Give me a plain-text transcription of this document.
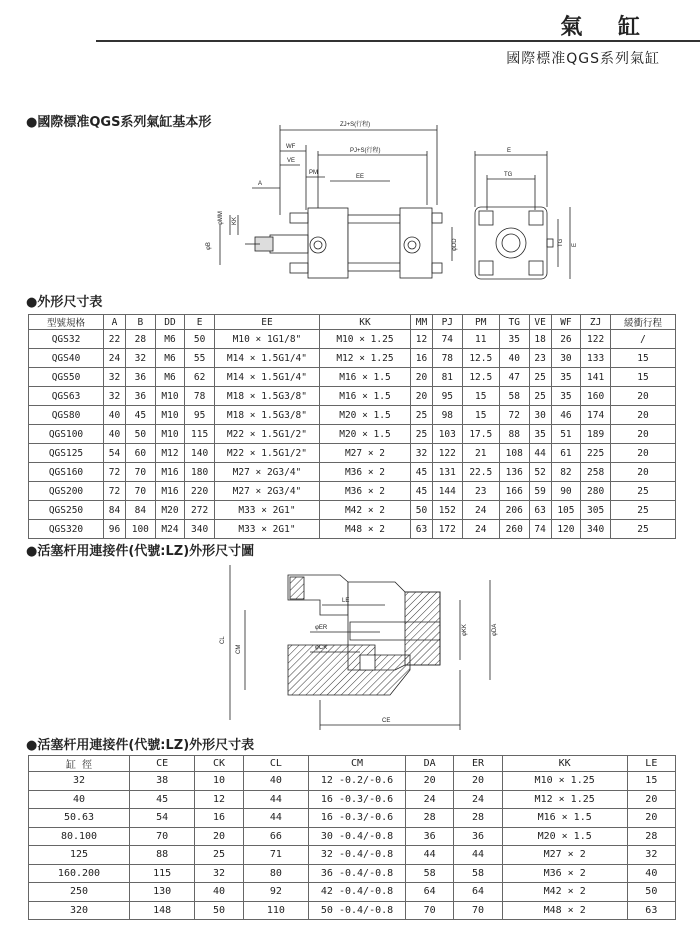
氣 缸
國際標准QGS系列氣缸
●國際標准QGS系列氣缸基本形	ZJ+S(行程)
WF
VE
PJ+S(行程)
PM
EE
A
φMM KK
φB	φDD
E
TG
TG E
●外形尺寸表
型號規格	A	B	DD	E	EE	KK	MM	PJ	PM	TG	VE	WF	ZJ	緩衝行程
QGS32	22	28	M6	50	M10 × 1G1/8"	M10 × 1.25	12	74	11	35	18	26	122	/
QGS40	24	32	M6	55	M14 × 1.5G1/4"	M12 × 1.25	16	78	12.5	40	23	30	133	15
QGS50	32	36	M6	62	M14 × 1.5G1/4"	M16 × 1.5	20	81	12.5	47	25	35	141	15
QGS63	32	36	M10	78	M18 × 1.5G3/8"	M16 × 1.5	20	95	15	58	25	35	160	20
QGS80	40	45	M10	95	M18 × 1.5G3/8"	M20 × 1.5	25	98	15	72	30	46	174	20
QGS100	40	50	M10	115	M22 × 1.5G1/2"	M20 × 1.5	25	103	17.5	88	35	51	189	20
QGS125	54	60	M12	140	M22 × 1.5G1/2"	M27 × 2	32	122	21	108	44	61	225	20
QGS160	72	70	M16	180	M27 × 2G3/4"	M36 × 2	45	131	22.5	136	52	82	258	20
QGS200	72	70	M16	220	M27 × 2G3/4"	M36 × 2	45	144	23	166	59	90	280	25
QGS250	84	84	M20	272	M33 × 2G1"	M42 × 2	50	152	24	206	63	105	305	25
QGS320	96	100	M24	340	M33 × 2G1"	M48 × 2	63	172	24	260	74	120	340	25
●活塞杆用連接件(代號:LZ)外形尺寸圖
LE
φER
φCK
CL
CM
φKK	φDA
CE
●活塞杆用連接件(代號:LZ)外形尺寸表
缸 徑	CE	CK	CL	CM	DA	ER	KK	LE
32	38	10	40	12 -0.2/-0.6	20	20	M10 × 1.25	15
40	45	12	44	16 -0.3/-0.6	24	24	M12 × 1.25	20
50.63	54	16	44	16 -0.3/-0.6	28	28	M16 × 1.5	20
80.100	70	20	66	30 -0.4/-0.8	36	36	M20 × 1.5	28
125	88	25	71	32 -0.4/-0.8	44	44	M27 × 2	32
160.200	115	32	80	36 -0.4/-0.8	58	58	M36 × 2	40
250	130	40	92	42 -0.4/-0.8	64	64	M42 × 2	50
320	148	50	110	50 -0.4/-0.8	70	70	M48 × 2	63
